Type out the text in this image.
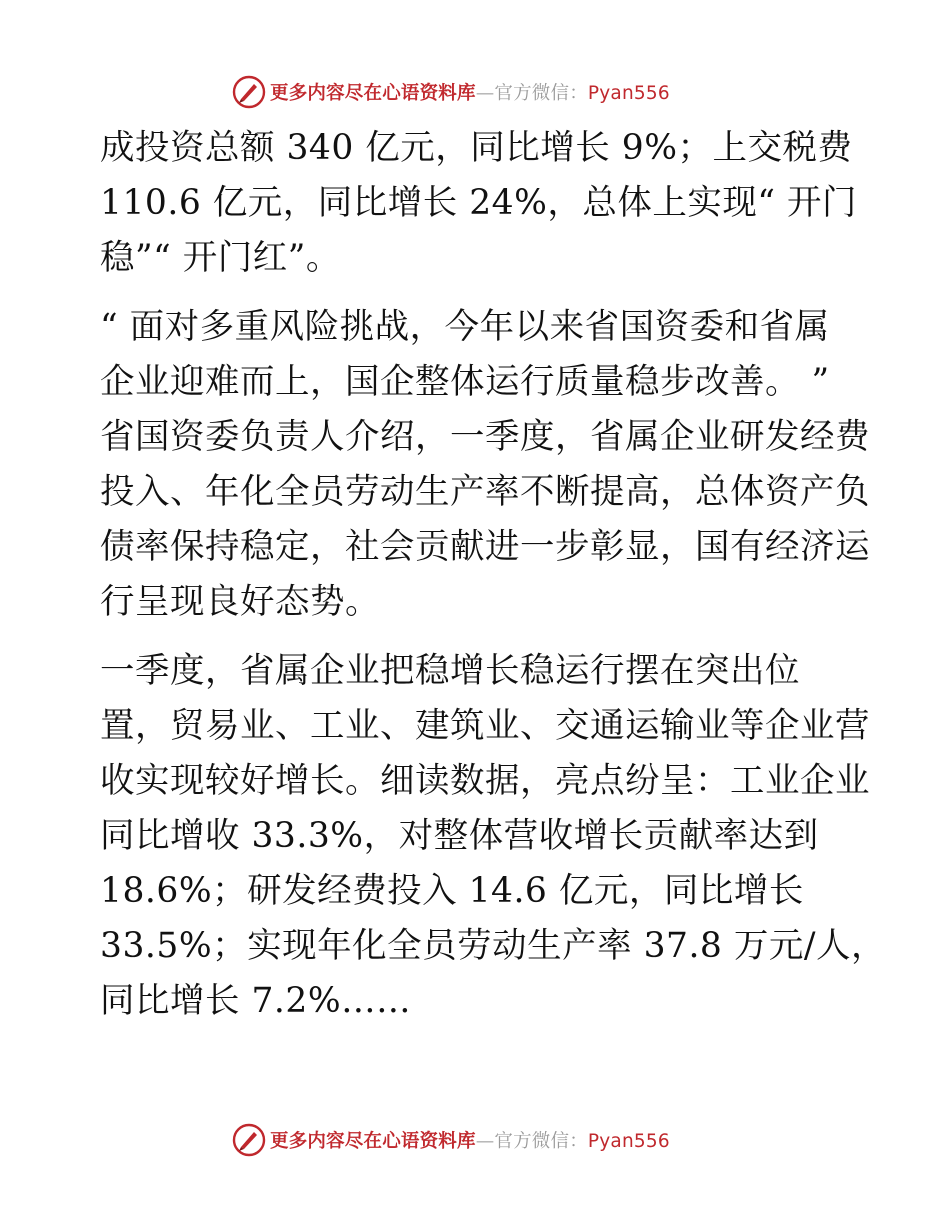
更多内容尽在心语资料库—官方微信：Pyan556
成投资总额 340 亿元，同比增长 9%；上交税费
110.6 亿元，同比增长 24%，总体上实现“ 开门
稳”“ 开门红”。
“ 面对多重风险挑战，今年以来省国资委和省属
企业迎难而上，国企整体运行质量稳步改善。 ”
省国资委负责人介绍，一季度，省属企业研发经费
投入、年化全员劳动生产率不断提高，总体资产负
债率保持稳定，社会贡献进一步彰显，国有经济运
行呈现良好态势。
一季度，省属企业把稳增长稳运行摆在突出位
置，贸易业、工业、建筑业、交通运输业等企业营
收实现较好增长。细读数据，亮点纷呈：工业企业
同比增收 33.3%，对整体营收增长贡献率达到
18.6%；研发经费投入 14.6 亿元，同比增长
33.5%；实现年化全员劳动生产率 37.8 万元/人，
同比增长 7.2%……
更多内容尽在心语资料库—官方微信：Pyan556
